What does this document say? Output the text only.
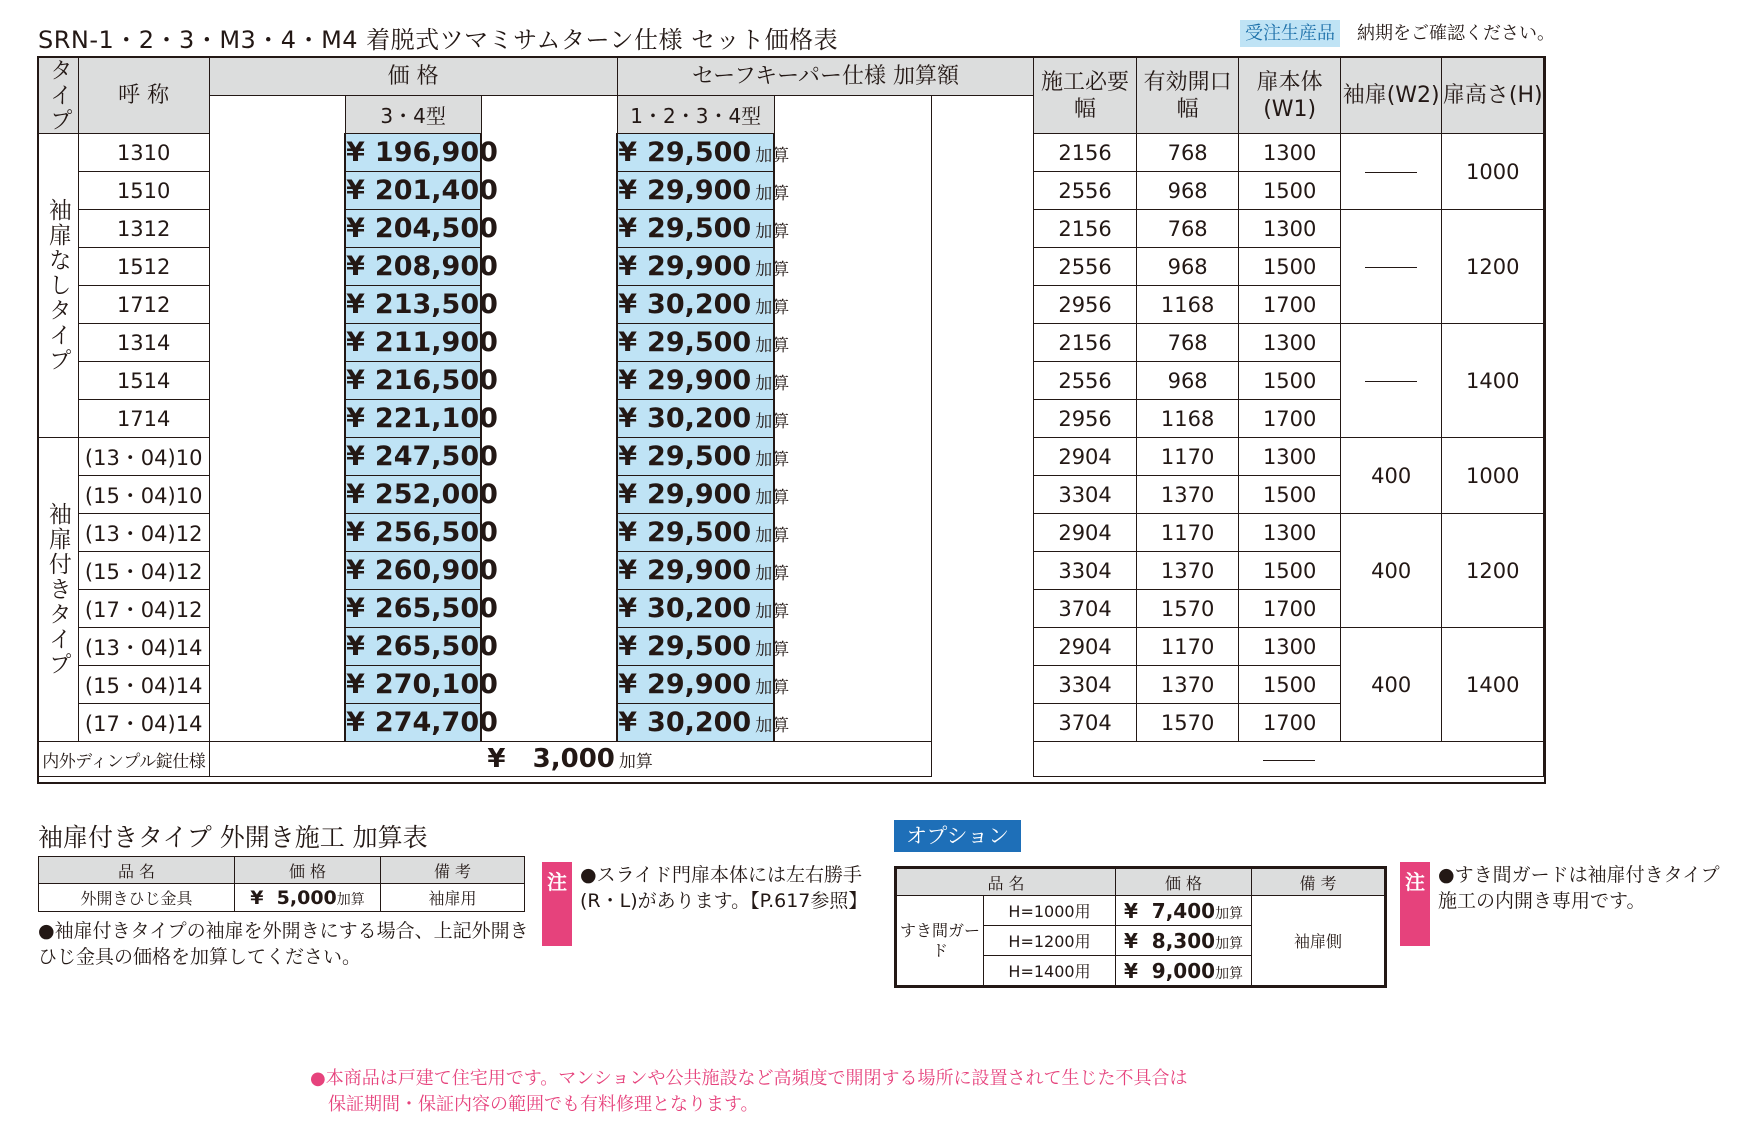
SRN-1・2・3・M3・4・M4 着脱式ツマミサムターン仕様 セット価格表	受注生産品 納期をご確認ください。
タイプ	呼 称	価 格			セーフキーパー仕様 加算額			施工必要幅	有効開口幅	扉本体(W1)	袖扉(W2)	扉高さ(H)
			3・4型		1・2・3・4型							
袖扉なしタイプ	1310		¥ 196,900		¥ 29,500 加算			2156	768	1300		1000
	1510		¥ 201,400		¥ 29,900 加算			2556	968	1500		
	1312		¥ 204,500		¥ 29,500 加算			2156	768	1300		1200
	1512		¥ 208,900		¥ 29,900 加算			2556	968	1500		
	1712		¥ 213,500		¥ 30,200 加算			2956	1168	1700		
	1314		¥ 211,900		¥ 29,500 加算			2156	768	1300		1400
	1514		¥ 216,500		¥ 29,900 加算			2556	968	1500		
	1714		¥ 221,100		¥ 30,200 加算			2956	1168	1700		
袖扉付きタイプ	(13・04)10		¥ 247,500		¥ 29,500 加算			2904	1170	1300	400	1000
	(15・04)10		¥ 252,000		¥ 29,900 加算			3304	1370	1500		
	(13・04)12		¥ 256,500		¥ 29,500 加算			2904	1170	1300	400	1200
	(15・04)12		¥ 260,900		¥ 29,900 加算			3304	1370	1500		
	(17・04)12		¥ 265,500		¥ 30,200 加算			3704	1570	1700		
	(13・04)14		¥ 265,500		¥ 29,500 加算			2904	1170	1300	400	1400
	(15・04)14		¥ 270,100		¥ 29,900 加算			3304	1370	1500		
	(17・04)14		¥ 274,700		¥ 30,200 加算			3704	1570	1700		
内外ディンプル錠仕様		¥ 3,000 加算										
袖扉付きタイプ 外開き施工 加算表
品 名	価 格	備 考
外開きひじ金具	¥ 5,000加算	袖扉用
●袖扉付きタイプの袖扉を外開きにする場合、上記外開きひじ金具の価格を加算してください。
注 ●スライド門扉本体には左右勝手(R・L)があります。【P.617参照】
オプション
品 名		価 格	備 考
すき間ガード	H=1000用	¥ 7,400加算	袖扉側
	H=1200用	¥ 8,300加算	
	H=1400用	¥ 9,000加算	
注 ●すき間ガードは袖扉付きタイプ施工の内開き専用です。
●本商品は戸建て住宅用です。マンションや公共施設など高頻度で開閉する場所に設置されて生じた不具合は
保証期間・保証内容の範囲でも有料修理となります。
